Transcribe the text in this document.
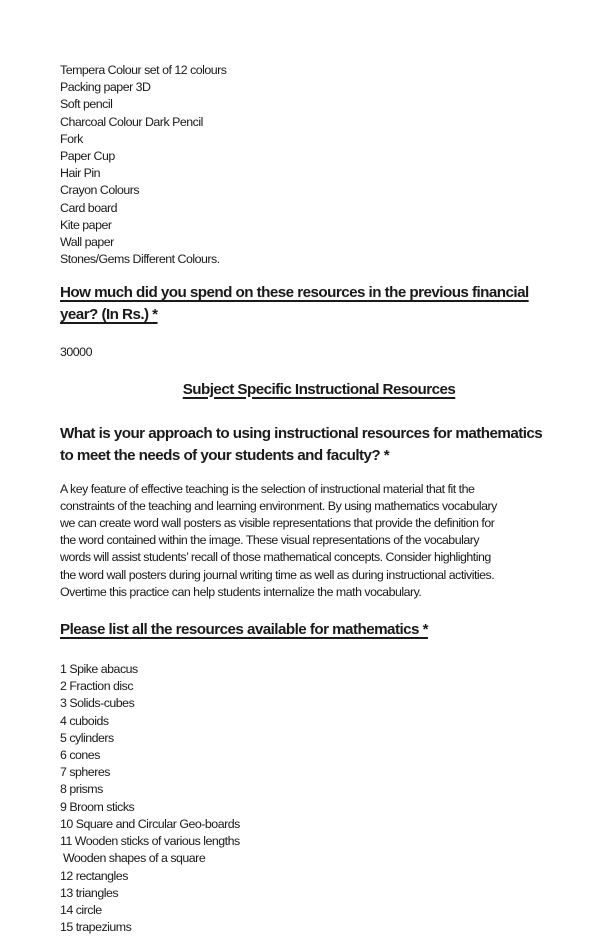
Tempera Colour set of 12 colours
Packing paper 3D
Soft pencil
Charcoal Colour Dark Pencil
Fork
Paper Cup
Hair Pin
Crayon Colours
Card board
Kite paper
Wall paper
Stones/Gems Different Colours.
How much did you spend on these resources in the previous financial
year? (In Rs.) *
30000
Subject Specific Instructional Resources
What is your approach to using instructional resources for mathematics
to meet the needs of your students and faculty? *
A key feature of effective teaching is the selection of instructional material that fit the
constraints of the teaching and learning environment. By using mathematics vocabulary
we can create word wall posters as visible representations that provide the definition for
the word contained within the image. These visual representations of the vocabulary
words will assist students’ recall of those mathematical concepts. Consider highlighting
the word wall posters during journal writing time as well as during instructional activities.
Overtime this practice can help students internalize the math vocabulary.
Please list all the resources available for mathematics *
1 Spike abacus
2 Fraction disc
3 Solids-cubes
4 cuboids
5 cylinders
6 cones
7 spheres
8 prisms
9 Broom sticks
10 Square and Circular Geo-boards
11 Wooden sticks of various lengths
Wooden shapes of a square
12 rectangles
13 triangles
14 circle
15 trapeziums
